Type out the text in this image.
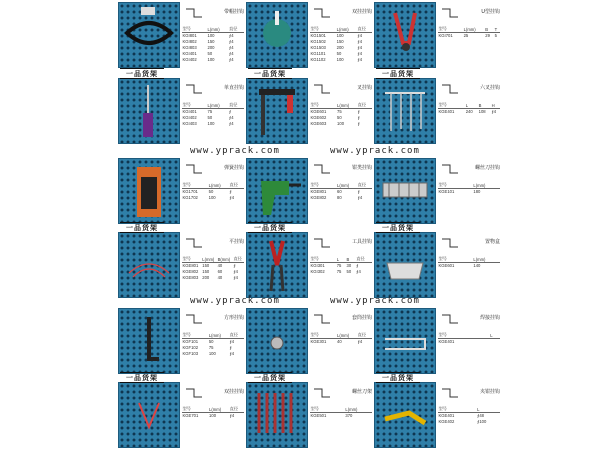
带帽挂钩
型号	L(mm)	直径
KGI801	100	∮4
KGI802	150	∮4
KGI803	200	∮4
KGI401	50	∮4
KGI402	100	∮4
双挂挂钩
型号	L(mm)	直径
KG1501	100	∮4
KG1502	150	∮4
KG1503	200	∮4
KG1101	50	∮4
KG1102	100	∮4
U型挂钩
型号	L(mm)	B	T
KGI701	25	29	5
单直挂钩
型号	L(mm)	直径
KGI401	75	∮
KGI402	50	∮4
KGI403	100	∮4
叉挂钩
型号	L(mm)	直径
KGE601	75	∮
KGE602	50	∮
KGE603	100	∮
六叉挂钩
型号	L	B	H
KGE401	240	108	∮4
弹簧挂钩
型号	L(mm)	直径
KG1701	50	∮
KG1702	100	∮4
钳类挂钩
型号	L(mm)	直径
KGE801	60	∮
KGE802	80	∮4
螺丝刀挂钩
型号	L(mm)
KGE101	180
平挂钩
型号	L(mm)	B(mm)	直径
KGE801	150	40	∮
KGE802	150	60	∮4
KGE803	200	40	∮4
工具挂钩
型号	L	B	直径
KGI301	75	30	∮
KGI302	75	50	∮4
置物盒
型号	L(mm)
KGE601	140
方形挂钩
型号	L(mm)	直径
KGF101	50	∮4
KGF102	75	∮
KGF103	100	∮4
套筒挂钩
型号	L(mm)	直径
KGE301	40	∮4
焊接挂钩
型号	L
KGE401	
双挂挂钩
型号	L(mm)	直径
KGE701	100	∮4
螺丝刀架
型号	L(mm)
KGE501	370
夹钳挂钩
型号	L
KGE401	∮48
KGE402	∮100
一品货架	一品货架	一品货架
一品货架	一品货架	一品货架
一品货架	一品货架	一品货架
www.yprack.com	www.yprack.com
www.yprack.com	www.yprack.com
